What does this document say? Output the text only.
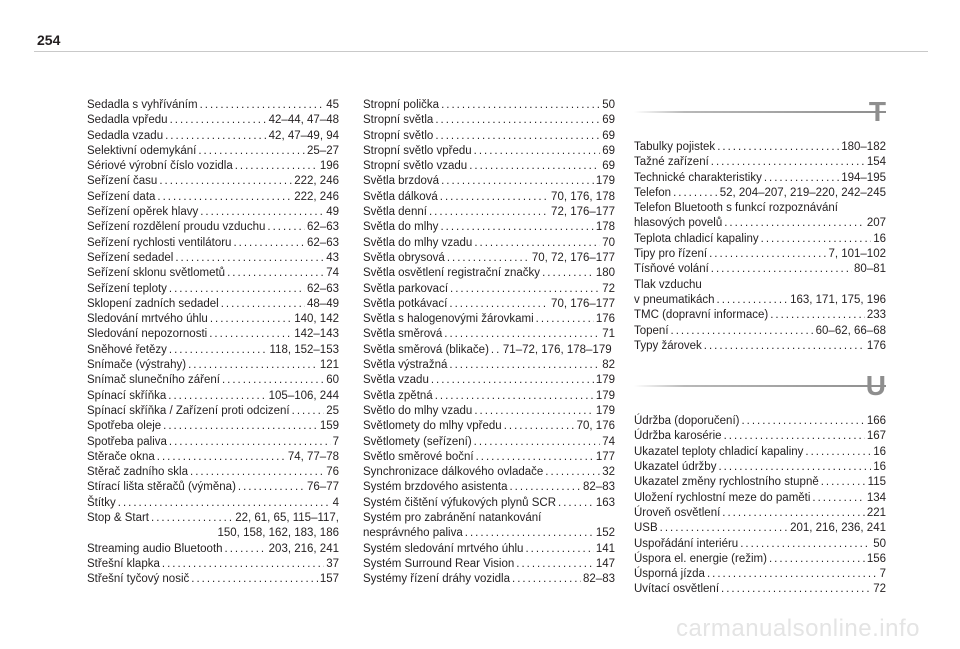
254
Sedadla s vyhříváním . . .	45
Sedadla vpředu . . .	42–44, 47–48
Sedadla vzadu . . .	42, 47–49, 94
Selektivní odemykání . . .	25–27
Sériové výrobní číslo vozidla . . .	196
Seřízení času . . .	222, 246
Seřízení data . . .	222, 246
Seřízení opěrek hlavy . . .	49
Seřízení rozdělení proudu vzduchu . . .	62–63
Seřízení rychlosti ventilátoru . . .	62–63
Seřízení sedadel . . .	43
Seřízení sklonu světlometů . . .	74
Seřízení teploty . . .	62–63
Sklopení zadních sedadel . . .	48–49
Sledování mrtvého úhlu . . .	140, 142
Sledování nepozornosti . . .	142–143
Sněhové řetězy . . .	118, 152–153
Snímače (výstrahy) . . .	121
Snímač slunečního záření . . .	60
Spínací skříňka . . .	105–106, 244
Spínací skříňka / Zařízení proti odcizení . . .	25
Spotřeba oleje . . .	159
Spotřeba paliva . . .	7
Stěrače okna . . .	74, 77–78
Stěrač zadního skla . . .	76
Stírací lišta stěračů (výměna) . . .	76–77
Štítky . . .	4
Stop & Start . . .	22, 61, 65, 115–117,
150, 158, 162, 183, 186
Streaming audio Bluetooth . . .	203, 216, 241
Střešní klapka . . .	37
Střešní tyčový nosič . . .	157
Stropní polička . . .	50
Stropní světla . . .	69
Stropní světlo . . .	69
Stropní světlo vpředu . . .	69
Stropní světlo vzadu . . .	69
Světla brzdová . . .	179
Světla dálková . . .	70, 176, 178
Světla denní . . .	72, 176–177
Světla do mlhy . . .	178
Světla do mlhy vzadu . . .	70
Světla obrysová . . .	70, 72, 176–177
Světla osvětlení registrační značky . . .	180
Světla parkovací . . .	72
Světla potkávací . . .	70, 176–177
Světla s halogenovými žárovkami . . .	176
Světla směrová . . .	71
Světla směrová (blikače) . . . 71–72, 176, 178–179
Světla výstražná . . .	82
Světla vzadu . . .	179
Světla zpětná . . .	179
Světlo do mlhy vzadu . . .	179
Světlomety do mlhy vpředu . . .	70, 176
Světlomety (seřízení) . . .	74
Světlo směrové boční . . .	177
Synchronizace dálkového ovladače . . .	32
Systém brzdového asistenta . . .	82–83
Systém čištění výfukových plynů SCR . . .	163
Systém pro zabránění natankování
nesprávného paliva . . .	152
Systém sledování mrtvého úhlu . . .	141
Systém Surround Rear Vision . . .	147
Systémy řízení dráhy vozidla . . .	82–83
T
Tabulky pojistek . . .	180–182
Tažné zařízení . . .	154
Technické charakteristiky . . .	194–195
Telefon . . .	52, 204–207, 219–220, 242–245
Telefon Bluetooth s funkcí rozpoznávání
hlasových povelů . . .	207
Teplota chladicí kapaliny . . .	16
Tipy pro řízení . . .	7, 101–102
Tísňové volání . . .	80–81
Tlak vzduchu
v pneumatikách . . .	163, 171, 175, 196
TMC (dopravní informace) . . .	233
Topení . . .	60–62, 66–68
Typy žárovek . . .	176
U
Údržba (doporučení) . . .	166
Údržba karosérie . . .	167
Ukazatel teploty chladicí kapaliny . . .	16
Ukazatel údržby . . .	16
Ukazatel změny rychlostního stupně . . .	115
Uložení rychlostní meze do paměti . . .	134
Úroveň osvětlení . . .	221
USB . . .	201, 216, 236, 241
Uspořádání interiéru . . .	50
Úspora el. energie (režim) . . .	156
Úsporná jízda . . .	7
Uvítací osvětlení . . .	72
carmanualsonline.info
